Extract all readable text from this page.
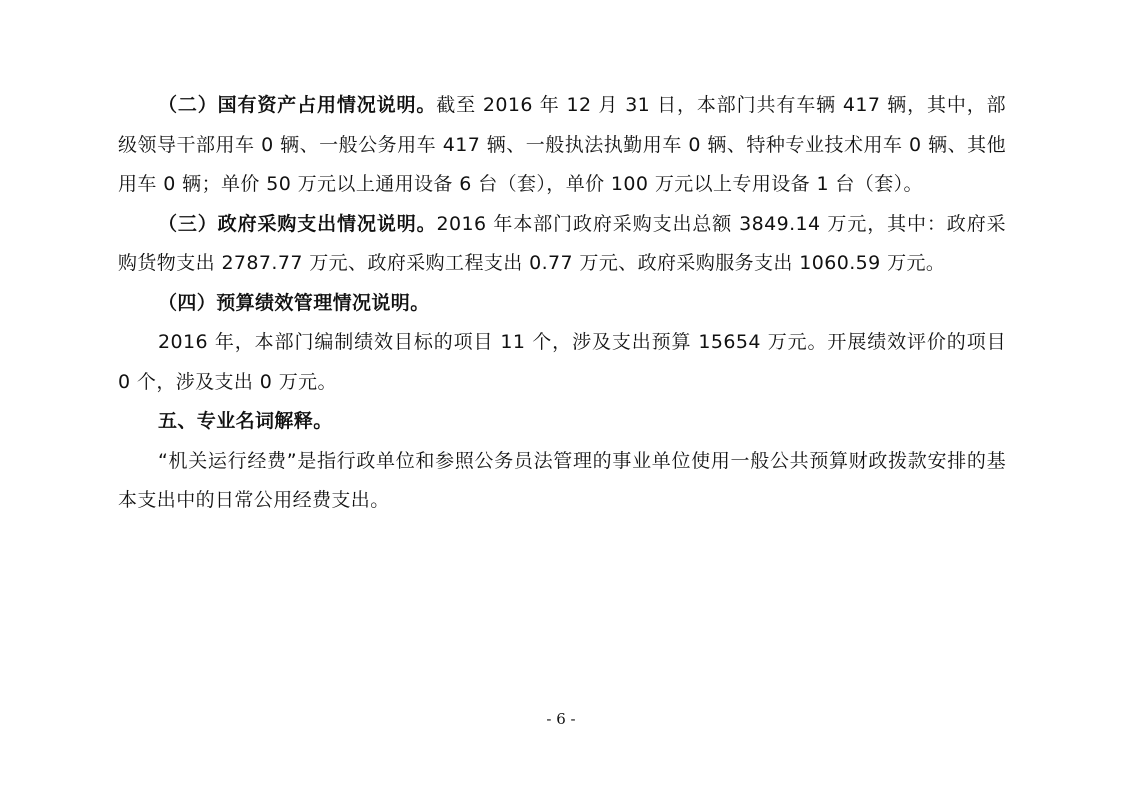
（二）国有资产占用情况说明。截至 2016 年 12 月 31 日，本部门共有车辆 417 辆，其中，部级领导干部用车 0 辆、一般公务用车 417 辆、一般执法执勤用车 0 辆、特种专业技术用车 0 辆、其他用车 0 辆；单价 50 万元以上通用设备 6 台（套），单价 100 万元以上专用设备 1 台（套）。

（三）政府采购支出情况说明。2016 年本部门政府采购支出总额 3849.14 万元，其中：政府采购货物支出 2787.77 万元、政府采购工程支出 0.77 万元、政府采购服务支出 1060.59 万元。

（四）预算绩效管理情况说明。

2016 年，本部门编制绩效目标的项目 11 个，涉及支出预算 15654 万元。开展绩效评价的项目 0 个，涉及支出 0 万元。

五、专业名词解释。

“机关运行经费”是指行政单位和参照公务员法管理的事业单位使用一般公共预算财政拨款安排的基本支出中的日常公用经费支出。

- 6 -
